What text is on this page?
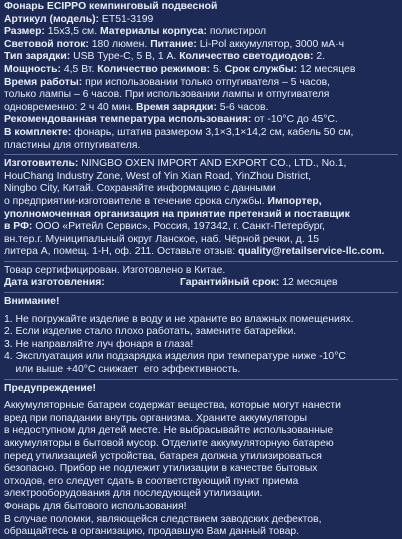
Фонарь ECIPPO кемпинговый подвесной
Артикул (модель): ET51-3199
Размер: 15х3,5 см. Материалы корпуса: полистирол
Световой поток: 180 люмен. Питание: Li-Pol аккумулятор, 3000 мА·ч
Тип зарядки: USB Type-C, 5 В, 1 А. Количество светодиодов: 2.
Мощность: 4,5 Вт. Количество режимов: 5. Срок службы: 12 месяцев
Время работы: при использовании только отпугивателя – 5 часов,
только лампы – 6 часов. При использовании лампы и отпугивателя
одновременно: 2 ч 40 мин. Время зарядки: 5-6 часов.
Рекомендованная температура использования: от -10°С до 45°С.
В комплекте: фонарь, штатив размером 3,1×3,1×14,2 см, кабель 50 см,
пластины для отпугивателя.
Изготовитель: NINGBO OXEN IMPORT AND EXPORT CO., LTD., No.1,
HouChang Industry Zone, West of Yin Xian Road, YinZhou District,
Ningbo City, Китай. Сохраняйте информацию с данными
о предприятии-изготовителе в течение срока службы. Импортер,
уполномоченная организация на принятие претензий и поставщик
в РФ: ООО «Ритейл Сервис», Россия, 197342, г. Санкт-Петербург,
вн.тер.г. Муниципальный округ Ланское, наб. Чёрной речки, д. 15
литера А, помещ. 1-Н, оф. 211. Оставьте отзыв: quality@retailservice-llc.com.
Товар сертифицирован. Изготовлено в Китае.
Дата изготовления:	Гарантийный срок: 12 месяцев
Внимание!
1. Не погружайте изделие в воду и не храните во влажных помещениях.
2. Если изделие стало плохо работать, замените батарейки.
3. Не направляйте луч фонаря в глаза!
4. Эксплуатация или подзарядка изделия при температуре ниже -10°С
или выше +40°С снижает  его эффективность.
Предупреждение!
Аккумуляторные батареи содержат вещества, которые могут нанести
вред при попадании внутрь организма. Храните аккумуляторы
в недоступном для детей месте. Не выбрасывайте использованные
аккумуляторы в бытовой мусор. Отделите аккумуляторную батарею
перед утилизацией устройства, батарея должна утилизироваться
безопасно. Прибор не подлежит утилизации в качестве бытовых
отходов, его следует сдать в соответствующий пункт приема
электрооборудования для последующей утилизации.
Фонарь для бытового использования!
В случае поломки, являющейся следствием заводских дефектов,
обращайтесь в организацию, продавшую Вам данный товар.
